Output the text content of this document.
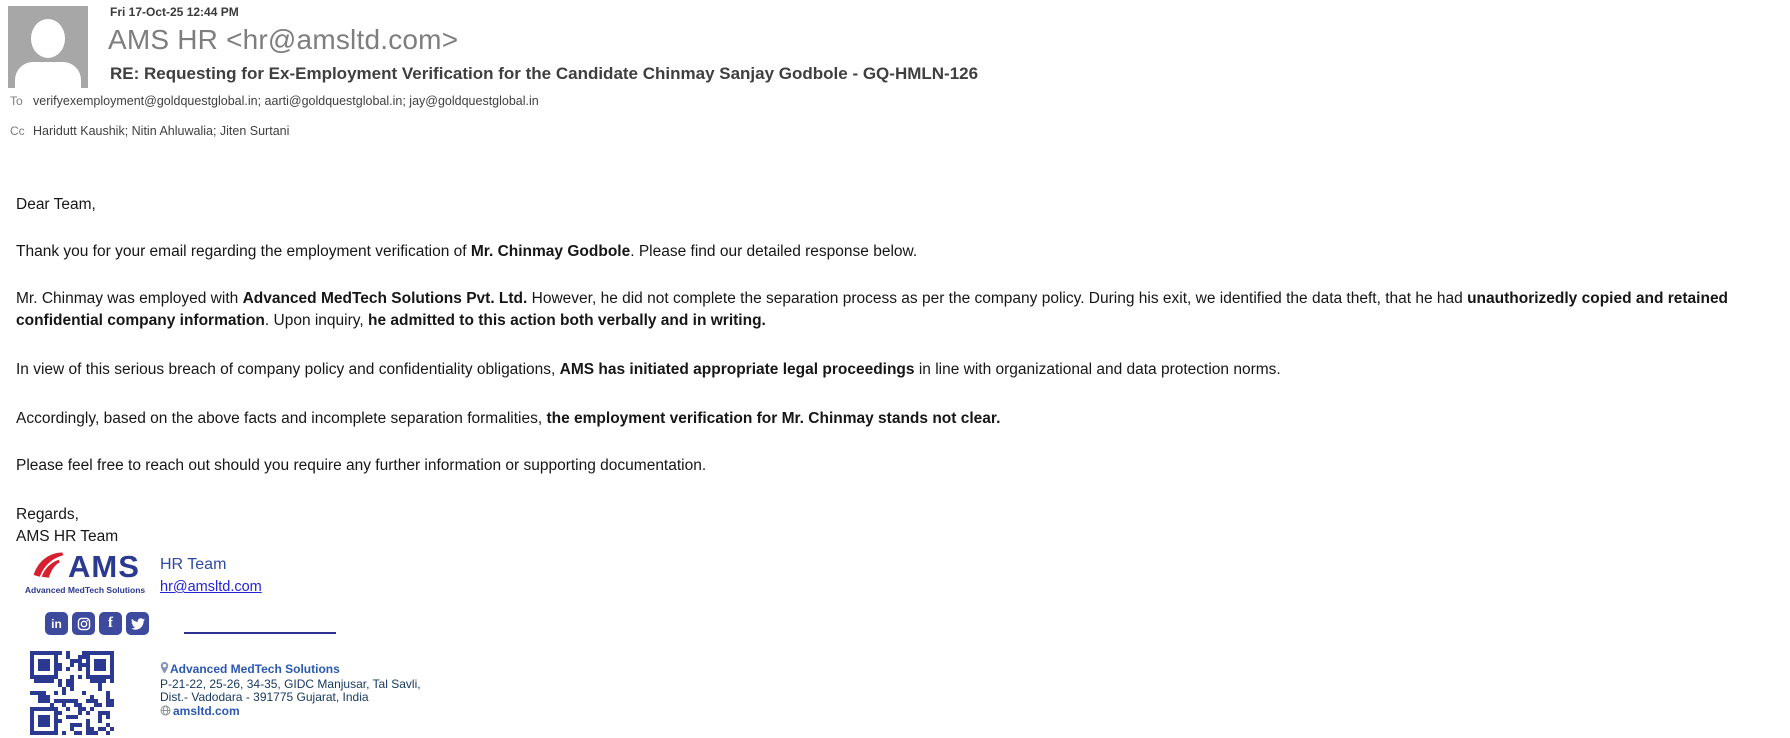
Fri 17-Oct-25 12:44 PM
AMS HR <hr@amsltd.com>
RE: Requesting for Ex-Employment Verification for the Candidate Chinmay Sanjay Godbole - GQ-HMLN-126
To verifyexemployment@goldquestglobal.in; aarti@goldquestglobal.in; jay@goldquestglobal.in
Cc Haridutt Kaushik; Nitin Ahluwalia; Jiten Surtani
Dear Team,
Thank you for your email regarding the employment verification of Mr. Chinmay Godbole. Please find our detailed response below.
Mr. Chinmay was employed with Advanced MedTech Solutions Pvt. Ltd. However, he did not complete the separation process as per the company policy. During his exit, we identified the data theft, that he had unauthorizedly copied and retained confidential company information. Upon inquiry, he admitted to this action both verbally and in writing.
In view of this serious breach of company policy and confidentiality obligations, AMS has initiated appropriate legal proceedings in line with organizational and data protection norms.
Accordingly, based on the above facts and incomplete separation formalities, the employment verification for Mr. Chinmay stands not clear.
Please feel free to reach out should you require any further information or supporting documentation.
Regards,
AMS HR Team
AMS
Advanced MedTech Solutions
HR Team
hr@amsltd.com
in	f
Advanced MedTech Solutions
P-21-22, 25-26, 34-35, GIDC Manjusar, Tal Savli,
Dist.- Vadodara - 391775 Gujarat, India
amsltd.com
